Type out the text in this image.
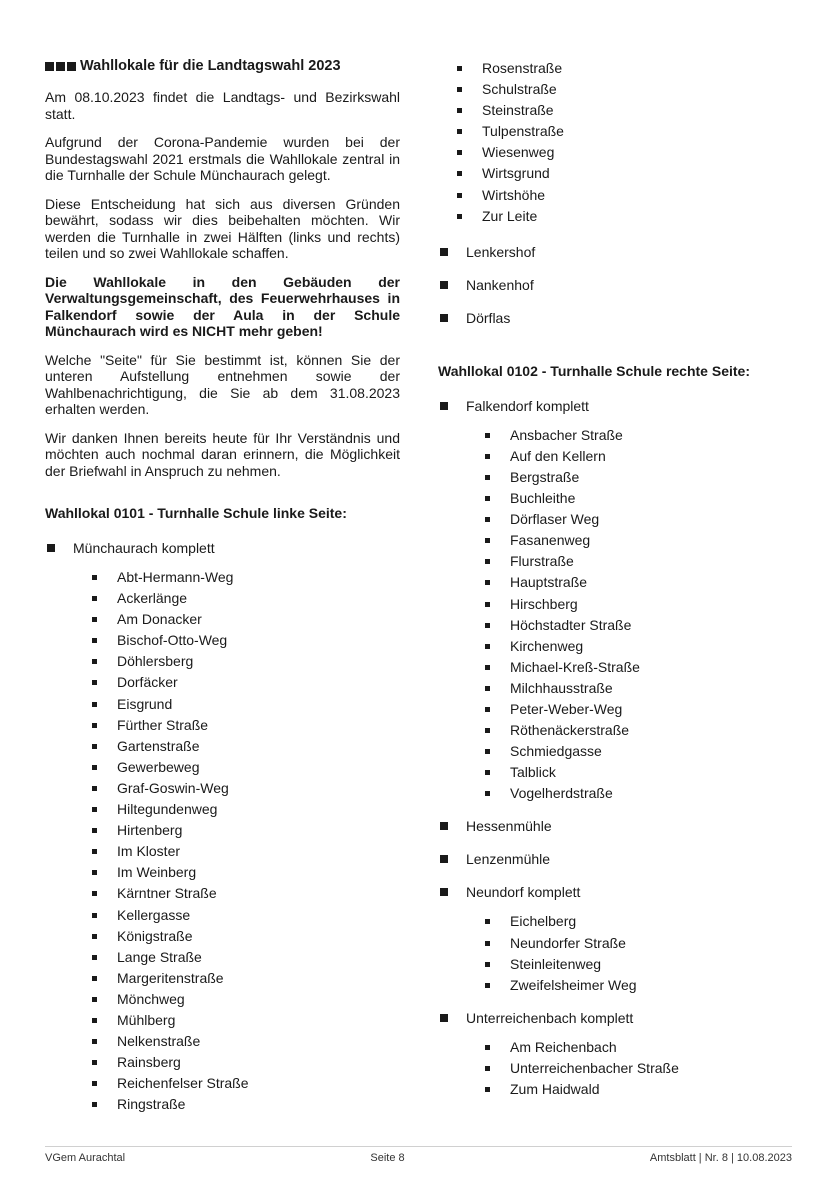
Wahllokale für die Landtagswahl 2023

Am 08.10.2023 findet die Landtags- und Bezirkswahl statt.

Aufgrund der Corona-Pandemie wurden bei der Bundestagswahl 2021 erstmals die Wahllokale zentral in die Turnhalle der Schule Münchaurach gelegt.

Diese Entscheidung hat sich aus diversen Gründen bewährt, sodass wir dies beibehalten möchten. Wir werden die Turnhalle in zwei Hälften (links und rechts) teilen und so zwei Wahllokale schaffen.

Die Wahllokale in den Gebäuden der Verwaltungsgemeinschaft, des Feuerwehrhauses in Falkendorf sowie der Aula in der Schule Münchaurach wird es NICHT mehr geben!

Welche "Seite" für Sie bestimmt ist, können Sie der unteren Aufstellung entnehmen sowie der Wahlbenachrichtigung, die Sie ab dem 31.08.2023 erhalten werden.

Wir danken Ihnen bereits heute für Ihr Verständnis und möchten auch nochmal daran erinnern, die Möglichkeit der Briefwahl in Anspruch zu nehmen.

Wahllokal 0101 - Turnhalle Schule linke Seite:
Münchaurach komplett
Abt-Hermann-Weg
Ackerlänge
Am Donacker
Bischof-Otto-Weg
Döhlersberg
Dorfäcker
Eisgrund
Fürther Straße
Gartenstraße
Gewerbeweg
Graf-Goswin-Weg
Hiltegundenweg
Hirtenberg
Im Kloster
Im Weinberg
Kärntner Straße
Kellergasse
Königstraße
Lange Straße
Margeritenstraße
Mönchweg
Mühlberg
Nelkenstraße
Rainsberg
Reichenfelser Straße
Ringstraße
Rosenstraße
Schulstraße
Steinstraße
Tulpenstraße
Wiesenweg
Wirtsgrund
Wirtshöhe
Zur Leite
Lenkershof
Nankenhof
Dörflas
Wahllokal 0102 - Turnhalle Schule rechte Seite:
Falkendorf komplett
Ansbacher Straße
Auf den Kellern
Bergstraße
Buchleithe
Dörflaser Weg
Fasanenweg
Flurstraße
Hauptstraße
Hirschberg
Höchstadter Straße
Kirchenweg
Michael-Kreß-Straße
Milchhausstraße
Peter-Weber-Weg
Röthenäckerstraße
Schmiedgasse
Talblick
Vogelherdstraße
Hessenmühle
Lenzenmühle
Neundorf komplett
Eichelberg
Neundorfer Straße
Steinleitenweg
Zweifelsheimer Weg
Unterreichenbach komplett
Am Reichenbach
Unterreichenbacher Straße
Zum Haidwald
VGem Aurachtal	Seite 8	Amtsblatt | Nr. 8 | 10.08.2023
